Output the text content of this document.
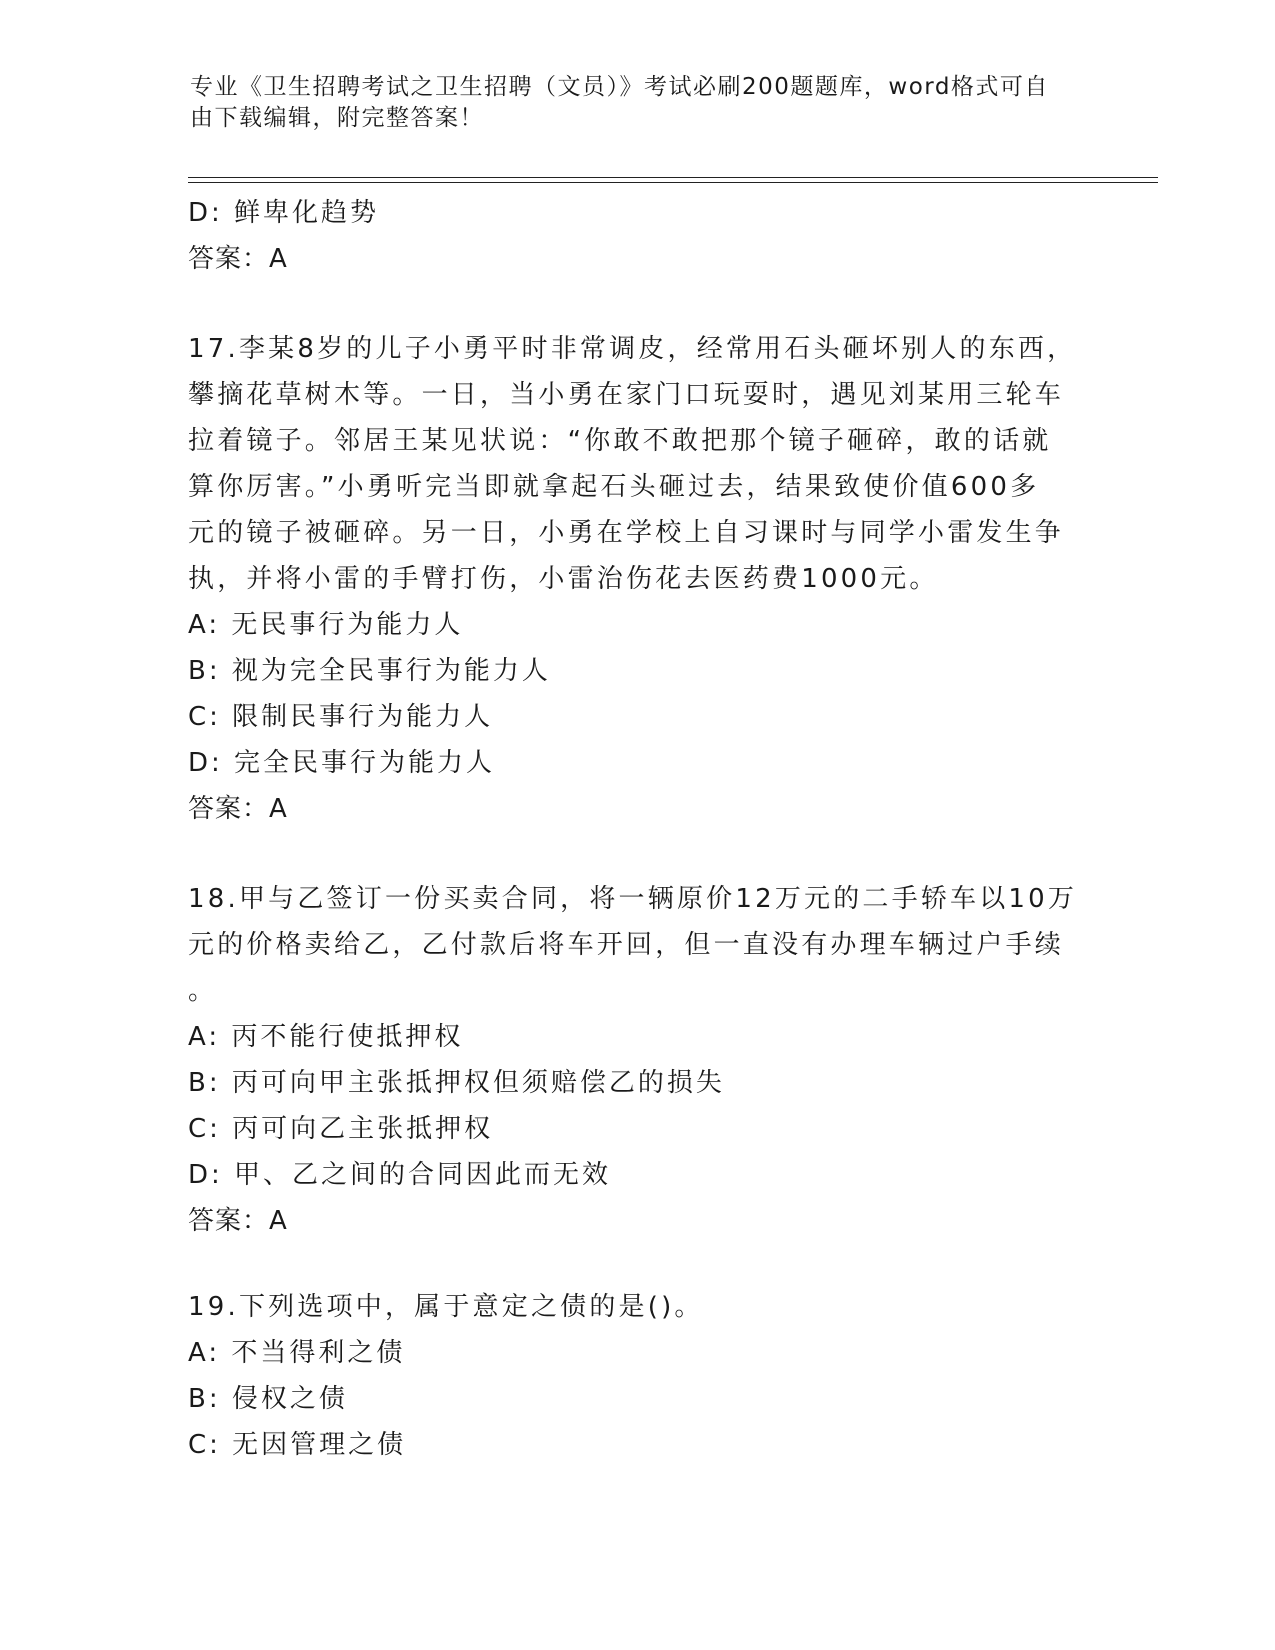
专业《卫生招聘考试之卫生招聘（文员）》考试必刷200题题库，word格式可自
由下载编辑，附完整答案！
D: 鲜卑化趋势
答案：A
17.李某8岁的儿子小勇平时非常调皮，经常用石头砸坏别人的东西，
攀摘花草树木等。一日，当小勇在家门口玩耍时，遇见刘某用三轮车
拉着镜子。邻居王某见状说：“你敢不敢把那个镜子砸碎，敢的话就
算你厉害。”小勇听完当即就拿起石头砸过去，结果致使价值600多
元的镜子被砸碎。另一日，小勇在学校上自习课时与同学小雷发生争
执，并将小雷的手臂打伤，小雷治伤花去医药费1000元。
A: 无民事行为能力人
B: 视为完全民事行为能力人
C: 限制民事行为能力人
D: 完全民事行为能力人
答案：A
18.甲与乙签订一份买卖合同，将一辆原价12万元的二手轿车以10万
元的价格卖给乙，乙付款后将车开回，但一直没有办理车辆过户手续
。
A: 丙不能行使抵押权
B: 丙可向甲主张抵押权但须赔偿乙的损失
C: 丙可向乙主张抵押权
D: 甲、乙之间的合同因此而无效
答案：A
19.下列选项中，属于意定之债的是()。
A: 不当得利之债
B: 侵权之债
C: 无因管理之债
